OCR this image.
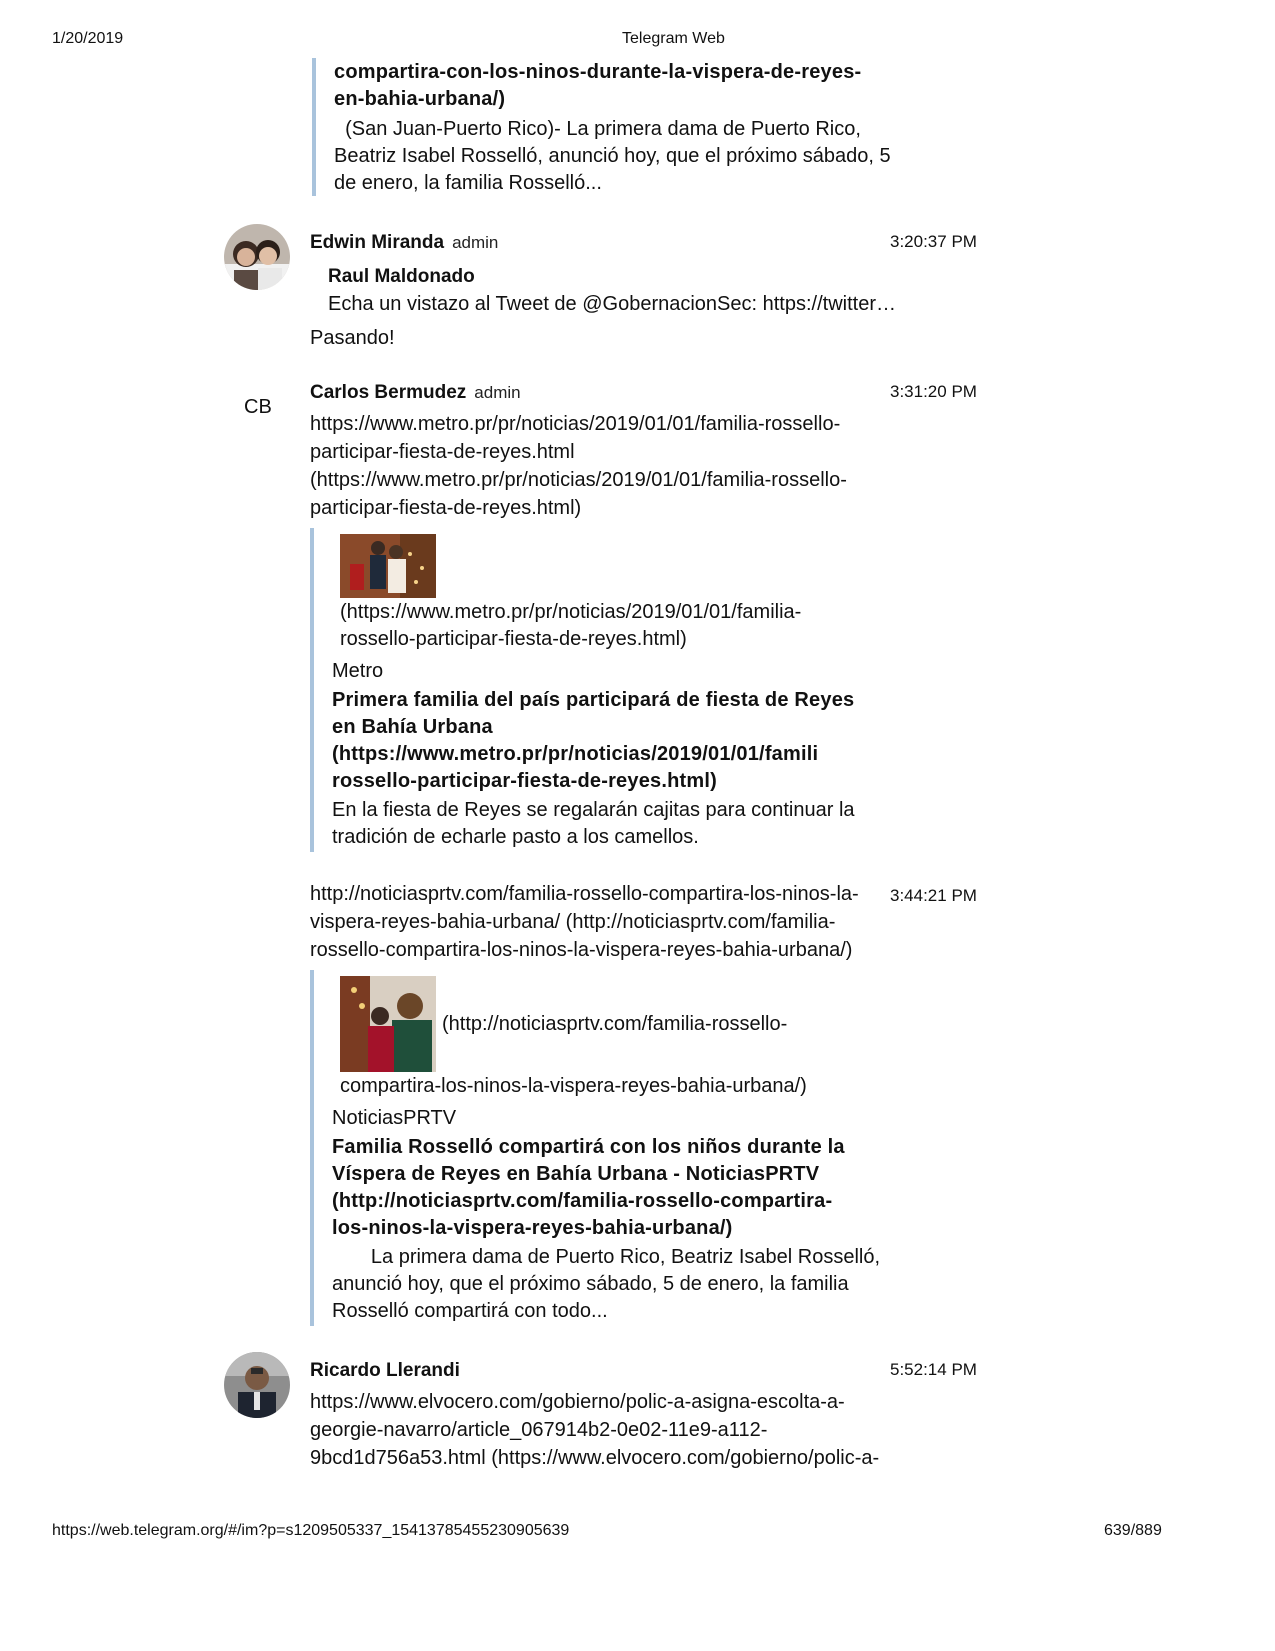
1/20/2019	Telegram Web
compartira-con-los-ninos-durante-la-vispera-de-reyes-
en-bahia-urbana/)
(San Juan-Puerto Rico)- La primera dama de Puerto Rico,
Beatriz Isabel Rosselló, anunció hoy, que el próximo sábado, 5
de enero, la familia Rosselló...
Edwin Miranda admin	3:20:37 PM
Raul Maldonado
Echa un vistazo al Tweet de @GobernacionSec: https://twitter…
Pasando!
CB
Carlos Bermudez admin	3:31:20 PM
https://www.metro.pr/pr/noticias/2019/01/01/familia-rossello-
participar-fiesta-de-reyes.html
(https://www.metro.pr/pr/noticias/2019/01/01/familia-rossello-
participar-fiesta-de-reyes.html)
(https://www.metro.pr/pr/noticias/2019/01/01/familia-
rossello-participar-fiesta-de-reyes.html)
Metro
Primera familia del país participará de fiesta de Reyes
en Bahía Urbana
(https://www.metro.pr/pr/noticias/2019/01/01/famili
rossello-participar-fiesta-de-reyes.html)
En la fiesta de Reyes se regalarán cajitas para continuar la
tradición de echarle pasto a los camellos.
3:44:21 PM
http://noticiasprtv.com/familia-rossello-compartira-los-ninos-la-
vispera-reyes-bahia-urbana/ (http://noticiasprtv.com/familia-
rossello-compartira-los-ninos-la-vispera-reyes-bahia-urbana/)
(http://noticiasprtv.com/familia-rossello-
compartira-los-ninos-la-vispera-reyes-bahia-urbana/)
NoticiasPRTV
Familia Rosselló compartirá con los niños durante la
Víspera de Reyes en Bahía Urbana - NoticiasPRTV
(http://noticiasprtv.com/familia-rossello-compartira-
los-ninos-la-vispera-reyes-bahia-urbana/)
La primera dama de Puerto Rico, Beatriz Isabel Rosselló,
anunció hoy, que el próximo sábado, 5 de enero, la familia
Rosselló compartirá con todo...
Ricardo Llerandi	5:52:14 PM
https://www.elvocero.com/gobierno/polic-a-asigna-escolta-a-
georgie-navarro/article_067914b2-0e02-11e9-a112-
9bcd1d756a53.html (https://www.elvocero.com/gobierno/polic-a-
https://web.telegram.org/#/im?p=s1209505337_15413785455230905639	639/889
